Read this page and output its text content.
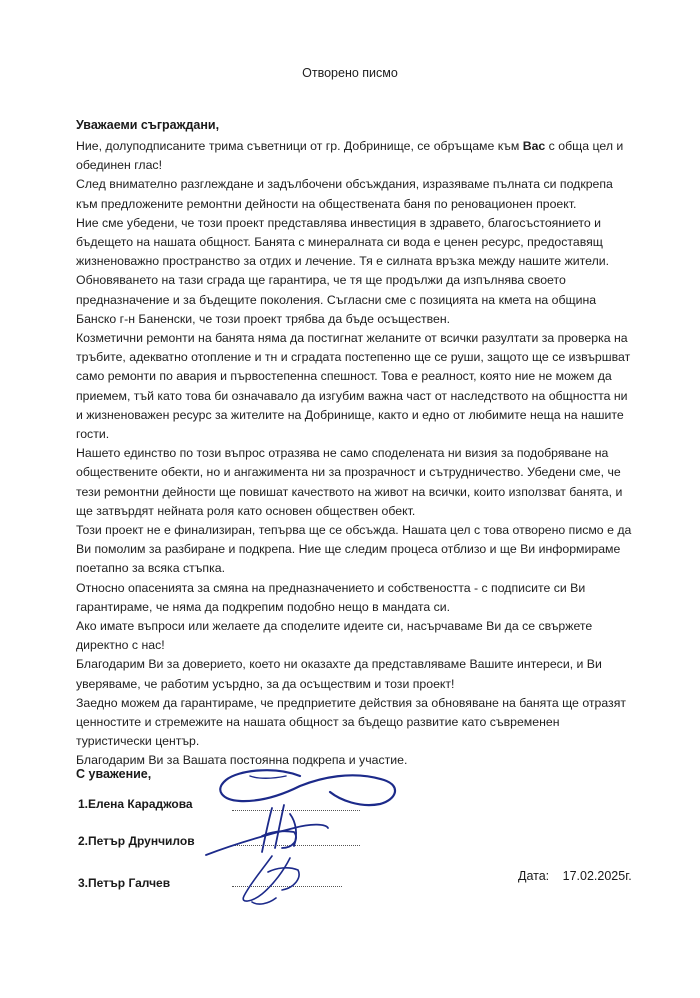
Отворено писмо
Уважаеми съграждани,
Ние, долуподписаните трима съветници от гр. Добринище, се обръщаме към Вас с обща цел и
обединен глас!
След внимателно разглеждане и задълбочени обсъждания, изразяваме пълната си подкрепа
към предложените ремонтни дейности на обществената баня по реновационен проект.
Ние сме убедени, че този проект представлява инвестиция в здравето, благосъстоянието и
бъдещето на нашата общност. Банята с минералната си вода е ценен ресурс, предоставящ
жизненоважно пространство за отдих и лечение. Тя е силната връзка между нашите жители.
Обновяването на тази сграда ще гарантира, че тя ще продължи да изпълнява своето
предназначение и за бъдещите поколения. Съгласни сме с позицията на кмета на община
Банско г-н Баненски, че този проект трябва да бъде осъществен.
Козметични ремонти на банята няма да постигнат желаните от всички разултати за проверка на
тръбите, адекватно отопление и тн и сградата постепенно ще се руши, защото ще се извършват
само ремонти по авария и първостепенна спешност. Това е реалност, която ние не можем да
приемем, тъй като това би означавало да изгубим важна част от наследството на общността ни
и жизненоважен ресурс за жителите на Добринище, както и едно от любимите неща на нашите
гости.
Нашето единство по този въпрос отразява не само споделената ни визия за подобряване на
обществените обекти, но и ангажимента ни за прозрачност и сътрудничество. Убедени сме, че
тези ремонтни дейности ще повишат качеството на живот на всички, които използват банята, и
ще затвърдят нейната роля като основен обществен обект.
Този проект не е финализиран, тепърва ще се обсъжда. Нашата цел с това отворено писмо е да
Ви помолим за разбиране и подкрепа. Ние ще следим процеса отблизо и ще Ви информираме
поетапно за всяка стъпка.
Относно опасенията за смяна на предназначението и собствеността - с подписите си Ви
гарантираме, че няма да подкрепим подобно нещо в мандата си.
Ако имате въпроси или желаете да споделите идеите си, насърчаваме Ви да се свържете
директно с нас!
Благодарим Ви за доверието, което ни оказахте да представляваме Вашите интереси, и Ви
уверяваме, че работим усърдно, за да осъществим и този проект!
Заедно можем да гарантираме, че предприетите действия за обновяване на банята ще отразят
ценностите и стремежите на нашата общност за бъдещо развитие като съвременен
туристически център.
Благодарим Ви за Вашата постоянна подкрепа и участие.
С уважение,
1.Елена Караджова
2.Петър Друнчилов
3.Петър Галчев	Дата: 17.02.2025г.
